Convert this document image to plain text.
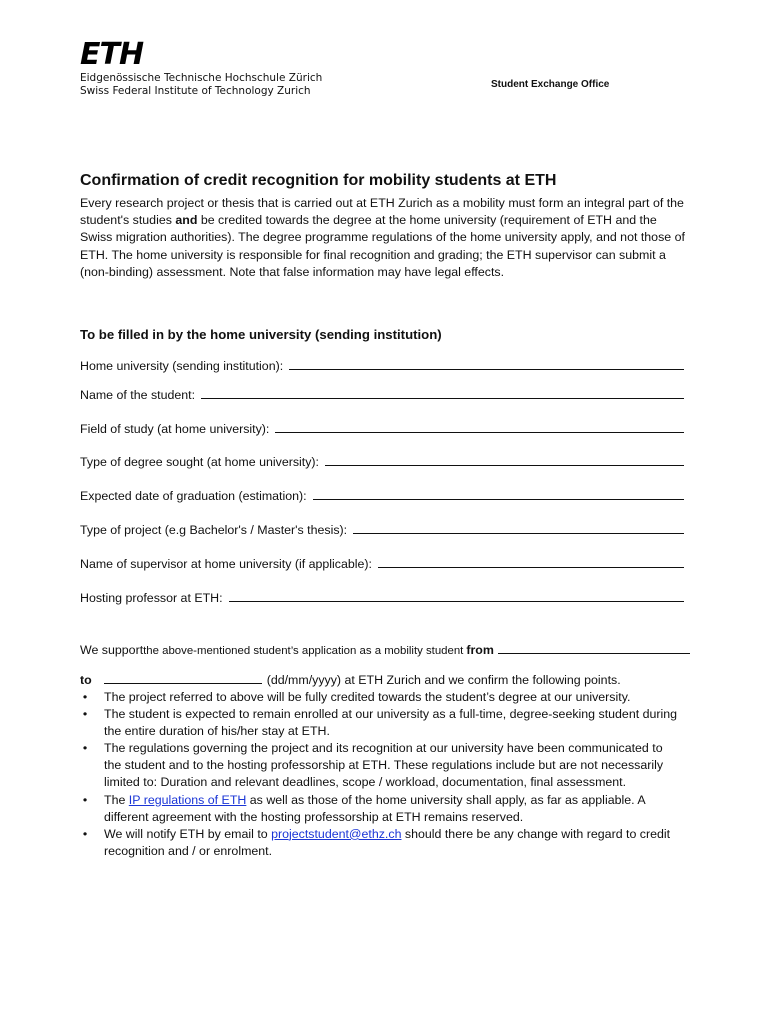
ETH
Eidgenössische Technische Hochschule Zürich
Swiss Federal Institute of Technology Zurich
Student Exchange Office
Confirmation of credit recognition for mobility students at ETH

Every research project or thesis that is carried out at ETH Zurich as a mobility must form an integral part of the student's studies and be credited towards the degree at the home university (requirement of ETH and the Swiss migration authorities). The degree programme regulations of the home university apply, and not those of ETH. The home university is responsible for final recognition and grading; the ETH supervisor can submit a (non-binding) assessment. Note that false information may have legal effects.

To be filled in by the home university (sending institution)
Home university (sending institution):
Name of the student:
Field of study (at home university):
Type of degree sought (at home university):
Expected date of graduation (estimation):
Type of project (e.g Bachelor's / Master's thesis):
Name of supervisor at home university (if applicable):
Hosting professor at ETH:
We support the above-mentioned student’s application as a mobility student from
to	(dd/mm/yyyy) at ETH Zurich and we confirm the following points.
• The project referred to above will be fully credited towards the student’s degree at our university.
• The student is expected to remain enrolled at our university as a full-time, degree-seeking student during the entire duration of his/her stay at ETH.
• The regulations governing the project and its recognition at our university have been communicated to the student and to the hosting professorship at ETH. These regulations include but are not necessarily limited to: Duration and relevant deadlines, scope / workload, documentation, final assessment.
• The IP regulations of ETH as well as those of the home university shall apply, as far as appliable. A different agreement with the hosting professorship at ETH remains reserved.
• We will notify ETH by email to projectstudent@ethz.ch should there be any change with regard to credit recognition and / or enrolment.
